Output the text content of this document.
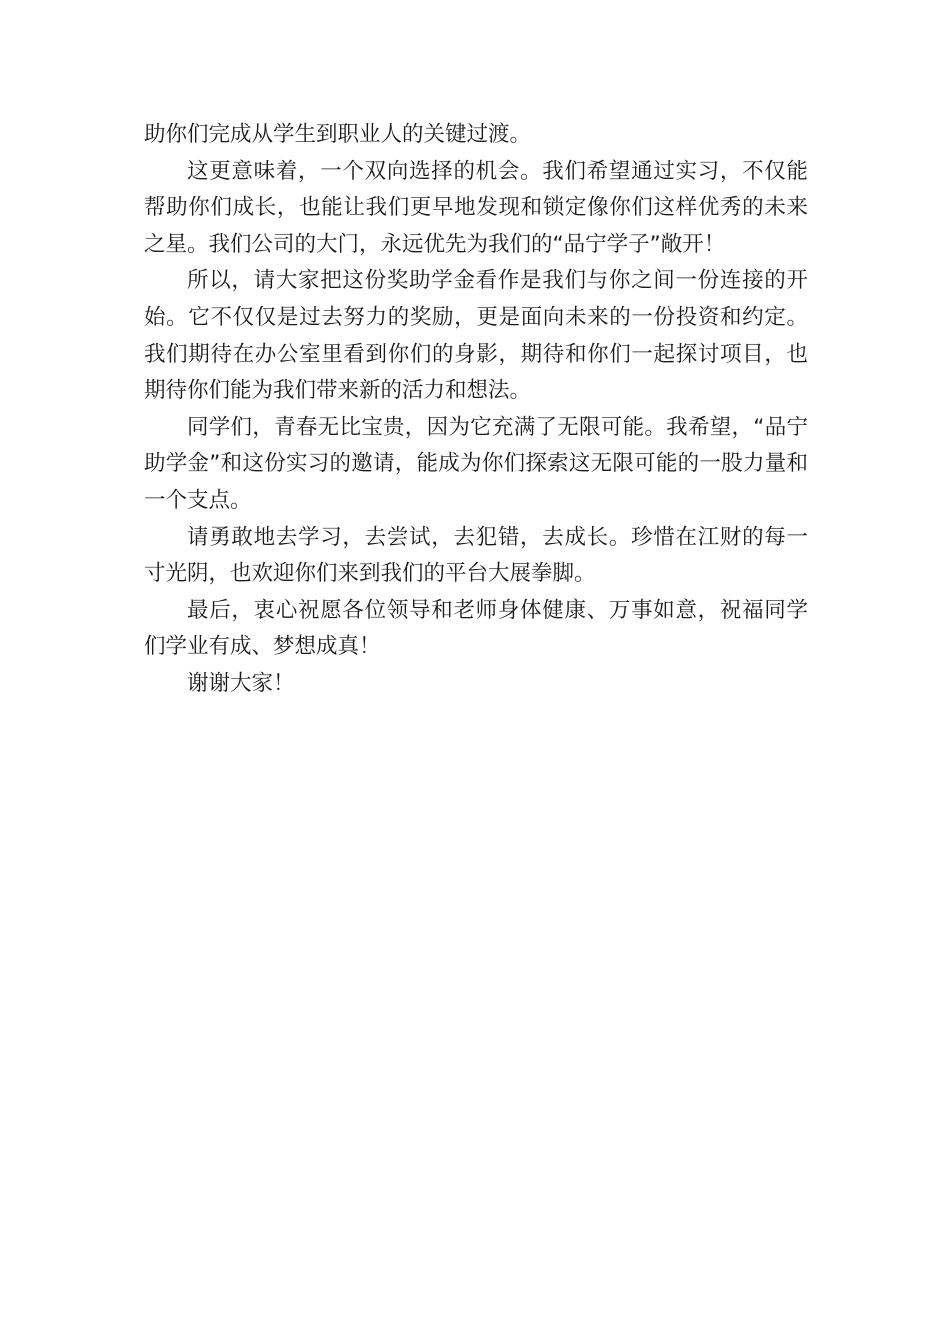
助你们完成从学生到职业人的关键过渡。

这更意味着，一个双向选择的机会。我们希望通过实习，不仅能帮助你们成长，也能让我们更早地发现和锁定像你们这样优秀的未来之星。我们公司的大门，永远优先为我们的“品宁学子”敞开！

所以，请大家把这份奖助学金看作是我们与你之间一份连接的开始。它不仅仅是过去努力的奖励，更是面向未来的一份投资和约定。我们期待在办公室里看到你们的身影，期待和你们一起探讨项目，也期待你们能为我们带来新的活力和想法。

同学们，青春无比宝贵，因为它充满了无限可能。我希望，“品宁助学金”和这份实习的邀请，能成为你们探索这无限可能的一股力量和一个支点。

请勇敢地去学习，去尝试，去犯错，去成长。珍惜在江财的每一寸光阴，也欢迎你们来到我们的平台大展拳脚。

最后，衷心祝愿各位领导和老师身体健康、万事如意，祝福同学们学业有成、梦想成真！

谢谢大家！
